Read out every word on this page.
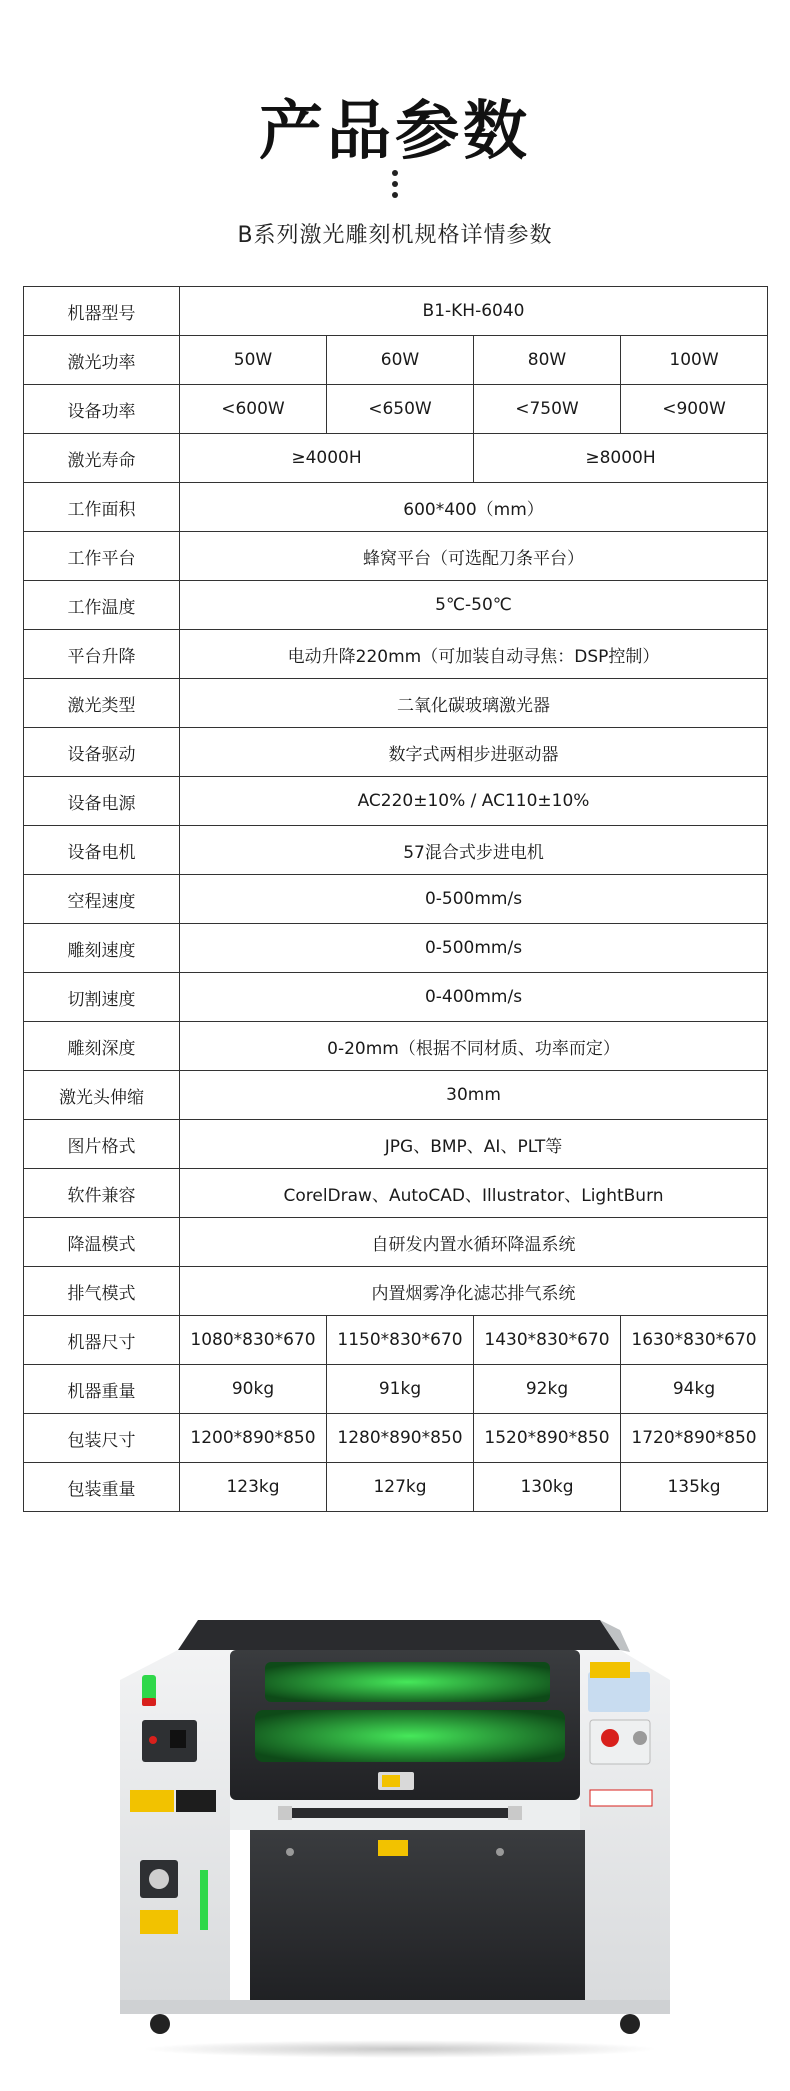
产品参数
B系列激光雕刻机规格详情参数
机器型号	B1-KH-6040			
激光功率	50W	60W	80W	100W
设备功率	<600W	<650W	<750W	<900W
激光寿命	≥4000H		≥8000H	
工作面积	600*400（mm）			
工作平台	蜂窝平台（可选配刀条平台）			
工作温度	5℃-50℃			
平台升降	电动升降220mm（可加装自动寻焦：DSP控制）			
激光类型	二氧化碳玻璃激光器			
设备驱动	数字式两相步进驱动器			
设备电源	AC220±10% / AC110±10%			
设备电机	57混合式步进电机			
空程速度	0-500mm/s			
雕刻速度	0-500mm/s			
切割速度	0-400mm/s			
雕刻深度	0-20mm（根据不同材质、功率而定）			
激光头伸缩	30mm			
图片格式	JPG、BMP、AI、PLT等			
软件兼容	CorelDraw、AutoCAD、Illustrator、LightBurn			
降温模式	自研发内置水循环降温系统			
排气模式	内置烟雾净化滤芯排气系统			
机器尺寸	1080*830*670	1150*830*670	1430*830*670	1630*830*670
机器重量	90kg	91kg	92kg	94kg
包装尺寸	1200*890*850	1280*890*850	1520*890*850	1720*890*850
包装重量	123kg	127kg	130kg	135kg
